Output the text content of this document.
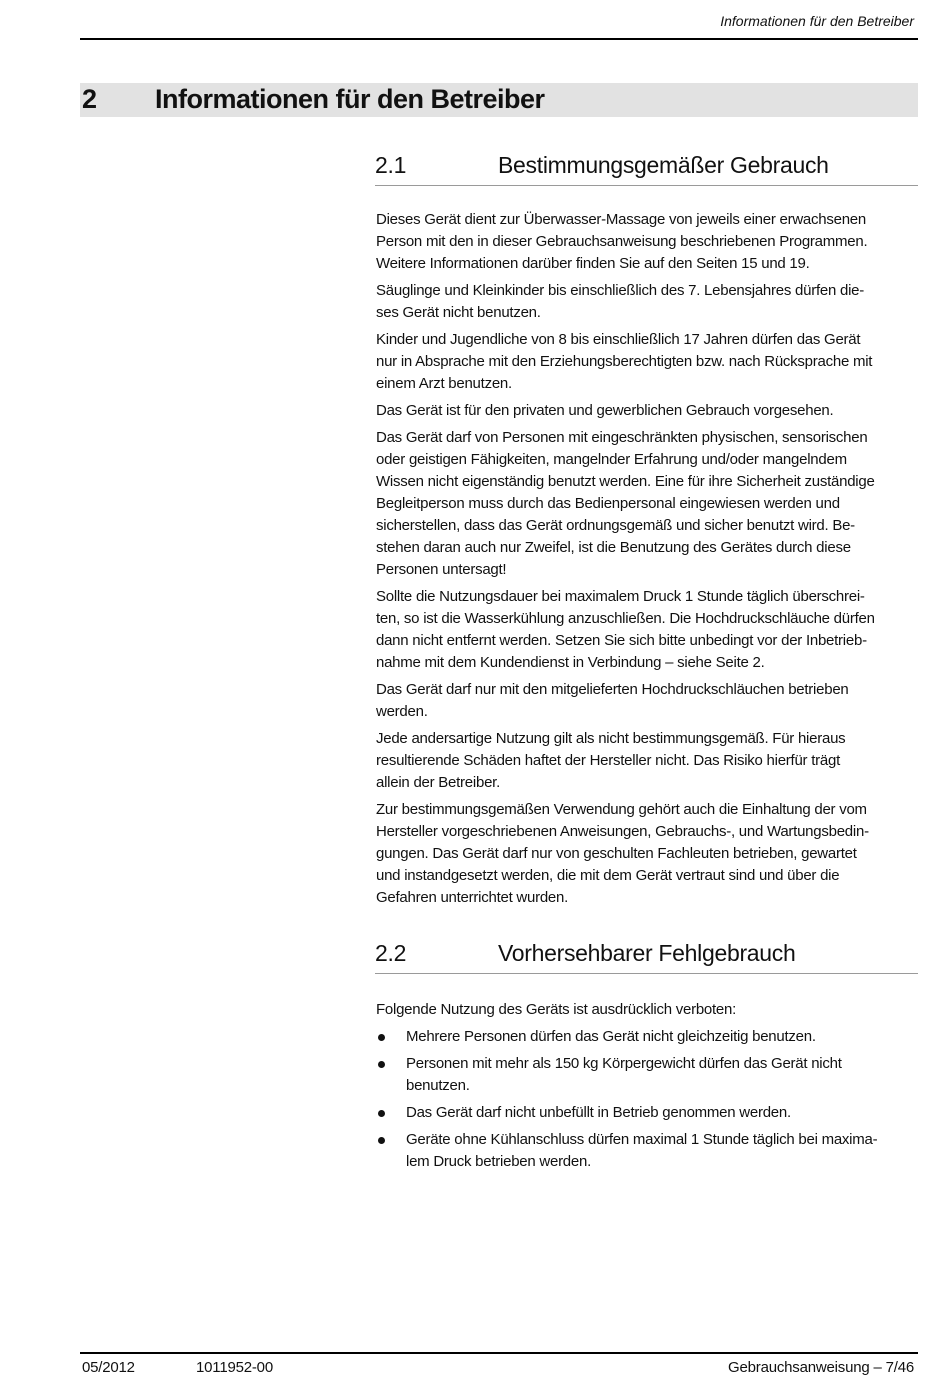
Informationen für den Betreiber
2 Informationen für den Betreiber
2.1	Bestimmungsgemäßer Gebrauch

Dieses Gerät dient zur Überwasser-Massage von jeweils einer erwachsenen
Person mit den in dieser Gebrauchsanweisung beschriebenen Programmen.
Weitere Informationen darüber finden Sie auf den Seiten 15 und 19.

Säuglinge und Kleinkinder bis einschließlich des 7. Lebensjahres dürfen die-
ses Gerät nicht benutzen.

Kinder und Jugendliche von 8 bis einschließlich 17 Jahren dürfen das Gerät
nur in Absprache mit den Erziehungsberechtigten bzw. nach Rücksprache mit
einem Arzt benutzen.

Das Gerät ist für den privaten und gewerblichen Gebrauch vorgesehen.

Das Gerät darf von Personen mit eingeschränkten physischen, sensorischen
oder geistigen Fähigkeiten, mangelnder Erfahrung und/oder mangelndem
Wissen nicht eigenständig benutzt werden. Eine für ihre Sicherheit zuständige
Begleitperson muss durch das Bedienpersonal eingewiesen werden und
sicherstellen, dass das Gerät ordnungsgemäß und sicher benutzt wird. Be-
stehen daran auch nur Zweifel, ist die Benutzung des Gerätes durch diese
Personen untersagt!

Sollte die Nutzungsdauer bei maximalem Druck 1 Stunde täglich überschrei-
ten, so ist die Wasserkühlung anzuschließen. Die Hochdruckschläuche dürfen
dann nicht entfernt werden. Setzen Sie sich bitte unbedingt vor der Inbetrieb-
nahme mit dem Kundendienst in Verbindung – siehe Seite 2.

Das Gerät darf nur mit den mitgelieferten Hochdruckschläuchen betrieben
werden.

Jede andersartige Nutzung gilt als nicht bestimmungsgemäß. Für hieraus
resultierende Schäden haftet der Hersteller nicht. Das Risiko hierfür trägt
allein der Betreiber.

Zur bestimmungsgemäßen Verwendung gehört auch die Einhaltung der vom
Hersteller vorgeschriebenen Anweisungen, Gebrauchs-, und Wartungsbedin-
gungen. Das Gerät darf nur von geschulten Fachleuten betrieben, gewartet
und instandgesetzt werden, die mit dem Gerät vertraut sind und über die
Gefahren unterrichtet wurden.

2.2	Vorhersehbarer Fehlgebrauch

Folgende Nutzung des Geräts ist ausdrücklich verboten:

Mehrere Personen dürfen das Gerät nicht gleichzeitig benutzen.
Personen mit mehr als 150 kg Körpergewicht dürfen das Gerät nicht
benutzen.
Das Gerät darf nicht unbefüllt in Betrieb genommen werden.
Geräte ohne Kühlanschluss dürfen maximal 1 Stunde täglich bei maxima-
lem Druck betrieben werden.
05/2012	1011952-00	Gebrauchsanweisung – 7/46
